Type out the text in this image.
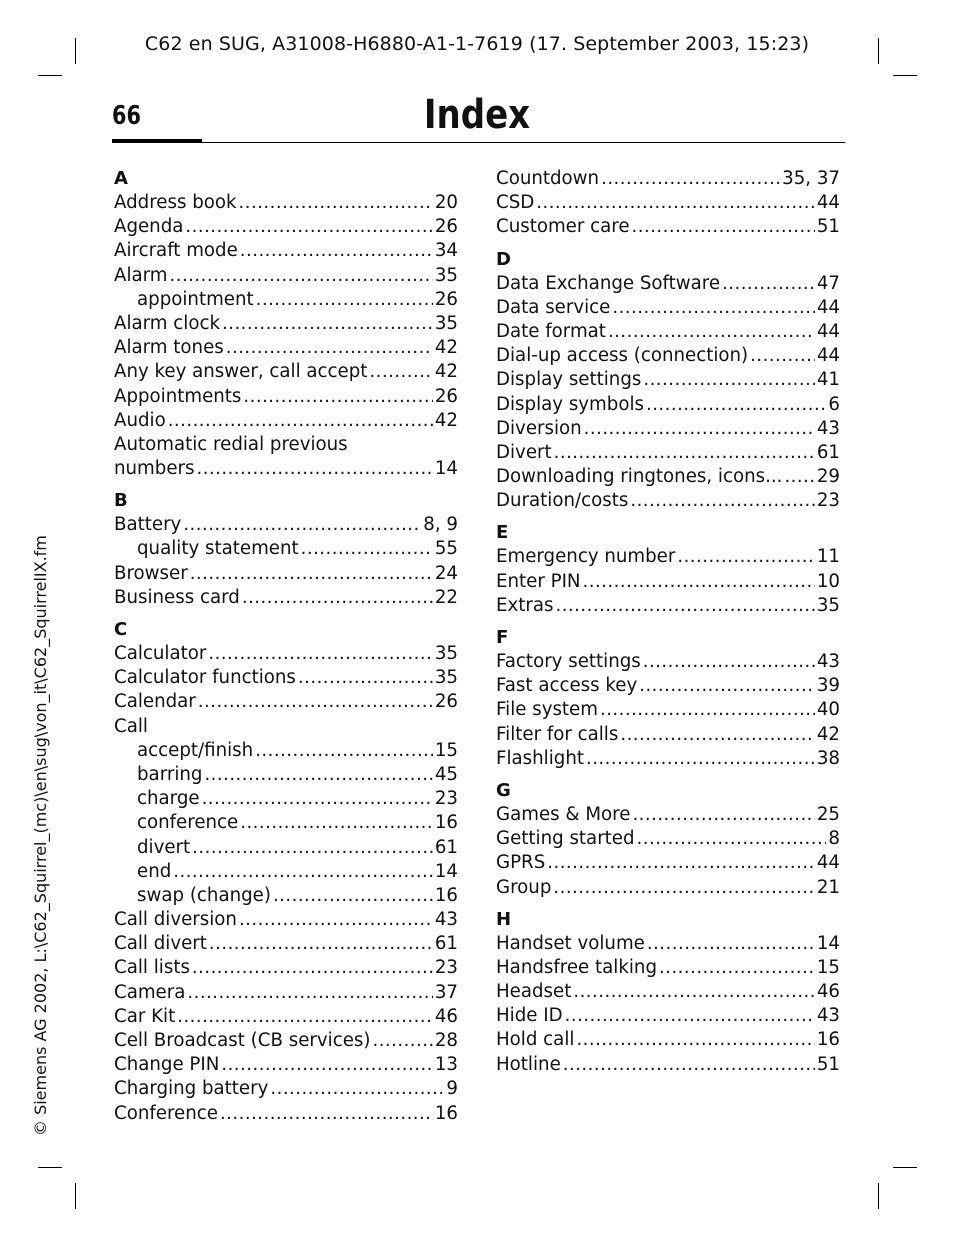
C62 en SUG, A31008-H6880-A1-1-7619 (17. September 2003, 15:23)
66	Index
A
Address book .....	20
Agenda .....	26
Aircraft mode .....	34
Alarm .....	35
appointment .....	26
Alarm clock .....	35
Alarm tones .....	42
Any key answer, call accept .....	42
Appointments .....	26
Audio .....	42
Automatic redial previous
numbers .....	14
B
Battery .....	8, 9
quality statement .....	55
Browser .....	24
Business card .....	22
C
Calculator .....	35
Calculator functions .....	35
Calendar .....	26
Call
accept/finish .....	15
barring .....	45
charge .....	23
conference .....	16
divert .....	61
end .....	14
swap (change) .....	16
Call diversion .....	43
Call divert .....	61
Call lists .....	23
Camera .....	37
Car Kit .....	46
Cell Broadcast (CB services) .....	28
Change PIN .....	13
Charging battery .....	9
Conference .....	16
Countdown .....	35, 37
CSD .....	44
Customer care .....	51
D
Data Exchange Software .....	47
Data service .....	44
Date format .....	44
Dial-up access (connection) .....	44
Display settings .....	41
Display symbols .....	6
Diversion .....	43
Divert .....	61
Downloading ringtones, icons... ..... 29
Duration/costs .....	23
E
Emergency number .....	11
Enter PIN .....	10
Extras .....	35
F
Factory settings .....	43
Fast access key .....	39
File system .....	40
Filter for calls .....	42
Flashlight .....	38
G
Games & More .....	25
Getting started .....	8
GPRS .....	44
Group .....	21
H
Handset volume .....	14
Handsfree talking .....	15
Headset .....	46
Hide ID .....	43
Hold call .....	16
Hotline .....	51
© Siemens AG 2002, L:\C62_Squirrel_(mc)\en\sug\von_it\C62_SquirrelIX.fm
